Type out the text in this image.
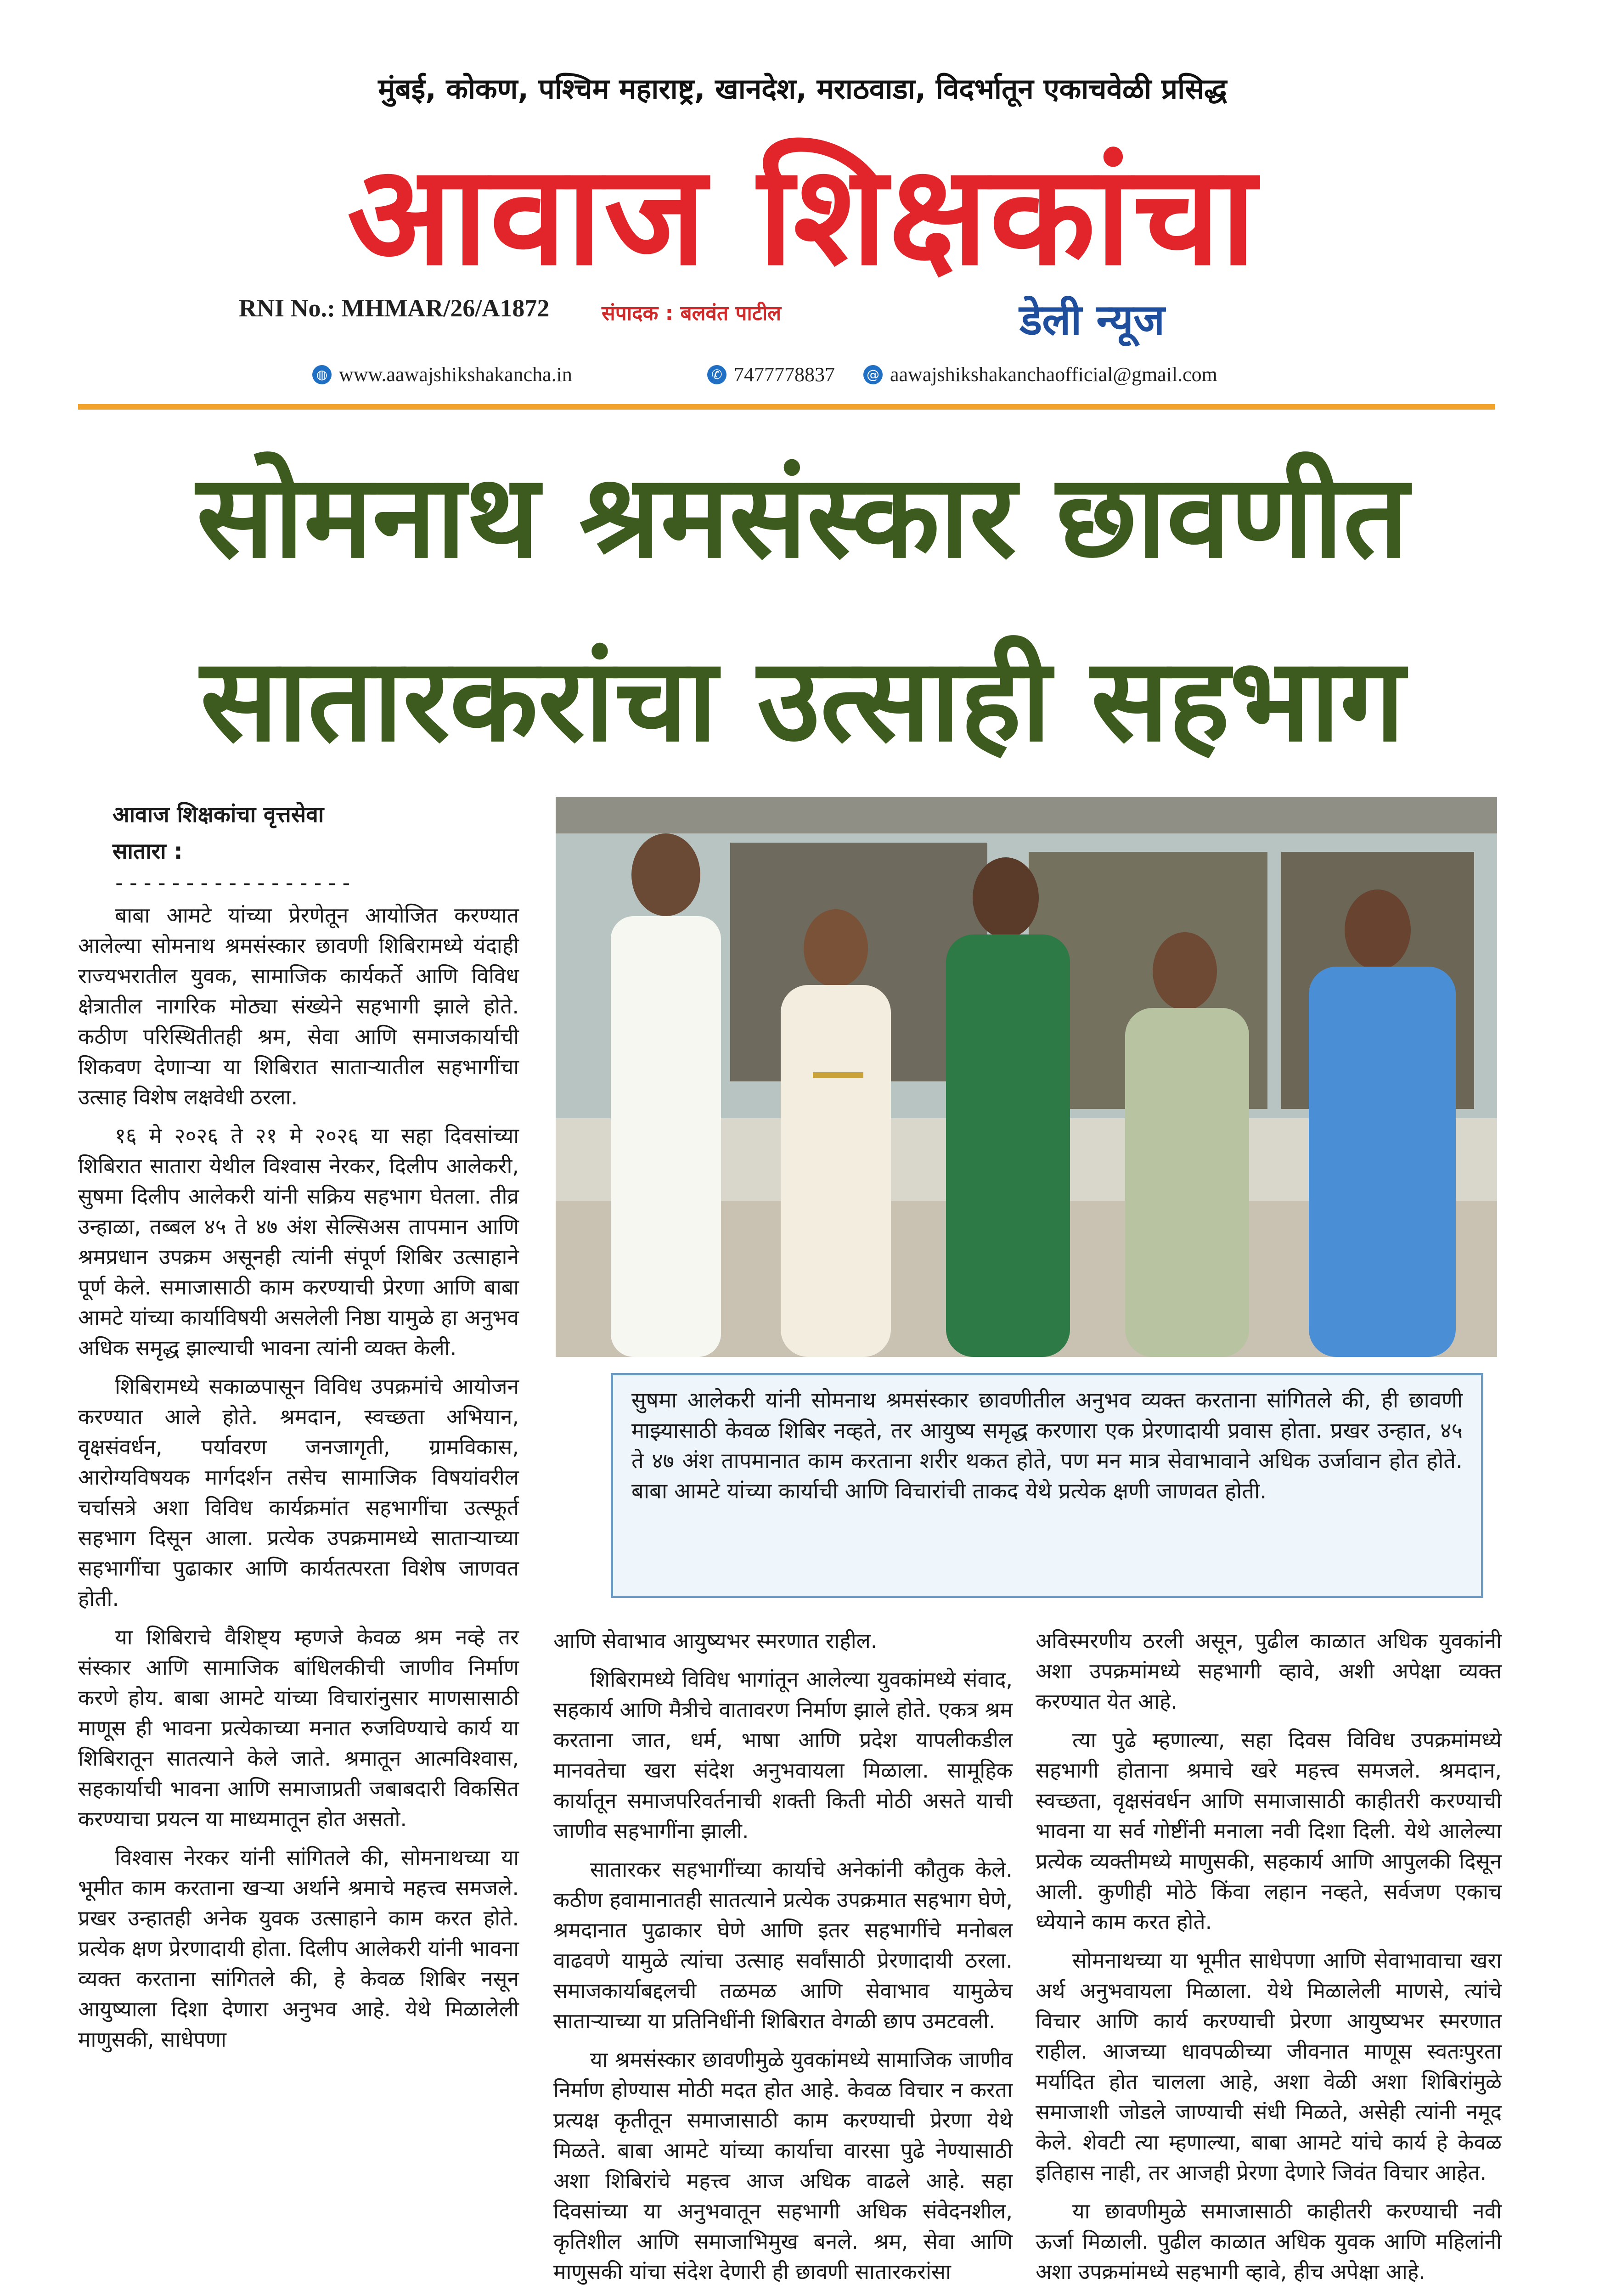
मुंबई, कोकण, पश्चिम महाराष्ट्र, खानदेश, मराठवाडा, विदर्भातून एकाचवेळी प्रसिद्ध
आवाज शिक्षकांचा
RNI No.: MHMAR/26/A1872	संपादक : बलवंत पाटील	डेली न्यूज
◍ www.aawajshikshakancha.in	✆ 7477778837 @ aawajshikshakanchaofficial@gmail.com
सोमनाथ श्रमसंस्कार छावणीत
सातारकरांचा उत्साही सहभाग
आवाज शिक्षकांचा वृत्तसेवा
सातारा :
-----------------
सुषमा आलेकरी यांनी सोमनाथ श्रमसंस्कार छावणीतील अनुभव व्यक्त करताना सांगितले की, ही छावणी माझ्यासाठी केवळ शिबिर नव्हते, तर आयुष्य समृद्ध करणारा एक प्रेरणादायी प्रवास होता. प्रखर उन्हात, ४५ ते ४७ अंश तापमानात काम करताना शरीर थकत होते, पण मन मात्र सेवाभावाने अधिक उर्जावान होत होते. बाबा आमटे यांच्या कार्याची आणि विचारांची ताकद येथे प्रत्येक क्षणी जाणवत होती.

बाबा आमटे यांच्या प्रेरणेतून आयोजित करण्यात आलेल्या सोमनाथ श्रमसंस्कार छावणी शिबिरामध्ये यंदाही राज्यभरातील युवक, सामाजिक कार्यकर्ते आणि विविध क्षेत्रातील नागरिक मोठ्या संख्येने सहभागी झाले होते. कठीण परिस्थितीतही श्रम, सेवा आणि समाजकार्याची शिकवण देणाऱ्या या शिबिरात साताऱ्यातील सहभागींचा उत्साह विशेष लक्षवेधी ठरला.

१६ मे २०२६ ते २१ मे २०२६ या सहा दिवसांच्या शिबिरात सातारा येथील विश्वास नेरकर, दिलीप आलेकरी, सुषमा दिलीप आलेकरी यांनी सक्रिय सहभाग घेतला. तीव्र उन्हाळा, तब्बल ४५ ते ४७ अंश सेल्सिअस तापमान आणि श्रमप्रधान उपक्रम असूनही त्यांनी संपूर्ण शिबिर उत्साहाने पूर्ण केले. समाजासाठी काम करण्याची प्रेरणा आणि बाबा आमटे यांच्या कार्याविषयी असलेली निष्ठा यामुळे हा अनुभव अधिक समृद्ध झाल्याची भावना त्यांनी व्यक्त केली.

शिबिरामध्ये सकाळपासून विविध उपक्रमांचे आयोजन करण्यात आले होते. श्रमदान, स्वच्छता अभियान, वृक्षसंवर्धन, पर्यावरण जनजागृती, ग्रामविकास, आरोग्यविषयक मार्गदर्शन तसेच सामाजिक विषयांवरील चर्चासत्रे अशा विविध कार्यक्रमांत सहभागींचा उत्स्फूर्त सहभाग दिसून आला. प्रत्येक उपक्रमामध्ये साताऱ्याच्या सहभागींचा पुढाकार आणि कार्यतत्परता विशेष जाणवत होती.

या शिबिराचे वैशिष्ट्य म्हणजे केवळ श्रम नव्हे तर संस्कार आणि सामाजिक बांधिलकीची जाणीव निर्माण करणे होय. बाबा आमटे यांच्या विचारांनुसार माणसासाठी माणूस ही भावना प्रत्येकाच्या मनात रुजविण्याचे कार्य या शिबिरातून सातत्याने केले जाते. श्रमातून आत्मविश्वास, सहकार्याची भावना आणि समाजाप्रती जबाबदारी विकसित करण्याचा प्रयत्न या माध्यमातून होत असतो.

विश्वास नेरकर यांनी सांगितले की, सोमनाथच्या या भूमीत काम करताना खऱ्या अर्थाने श्रमाचे महत्त्व समजले. प्रखर उन्हातही अनेक युवक उत्साहाने काम करत होते. प्रत्येक क्षण प्रेरणादायी होता. दिलीप आलेकरी यांनी भावना व्यक्त करताना सांगितले की, हे केवळ शिबिर नसून आयुष्याला दिशा देणारा अनुभव आहे. येथे मिळालेली माणुसकी, साधेपणा

आणि सेवाभाव आयुष्यभर स्मरणात राहील.

शिबिरामध्ये विविध भागांतून आलेल्या युवकांमध्ये संवाद, सहकार्य आणि मैत्रीचे वातावरण निर्माण झाले होते. एकत्र श्रम करताना जात, धर्म, भाषा आणि प्रदेश यापलीकडील मानवतेचा खरा संदेश अनुभवायला मिळाला. सामूहिक कार्यातून समाजपरिवर्तनाची शक्ती किती मोठी असते याची जाणीव सहभागींना झाली.

सातारकर सहभागींच्या कार्याचे अनेकांनी कौतुक केले. कठीण हवामानातही सातत्याने प्रत्येक उपक्रमात सहभाग घेणे, श्रमदानात पुढाकार घेणे आणि इतर सहभागींचे मनोबल वाढवणे यामुळे त्यांचा उत्साह सर्वांसाठी प्रेरणादायी ठरला. समाजकार्याबद्दलची तळमळ आणि सेवाभाव यामुळेच साताऱ्याच्या या प्रतिनिधींनी शिबिरात वेगळी छाप उमटवली.

या श्रमसंस्कार छावणीमुळे युवकांमध्ये सामाजिक जाणीव निर्माण होण्यास मोठी मदत होत आहे. केवळ विचार न करता प्रत्यक्ष कृतीतून समाजासाठी काम करण्याची प्रेरणा येथे मिळते. बाबा आमटे यांच्या कार्याचा वारसा पुढे नेण्यासाठी अशा शिबिरांचे महत्त्व आज अधिक वाढले आहे. सहा दिवसांच्या या अनुभवातून सहभागी अधिक संवेदनशील, कृतिशील आणि समाजाभिमुख बनले. श्रम, सेवा आणि माणुसकी यांचा संदेश देणारी ही छावणी सातारकरांसा

अविस्मरणीय ठरली असून, पुढील काळात अधिक युवकांनी अशा उपक्रमांमध्ये सहभागी व्हावे, अशी अपेक्षा व्यक्त करण्यात येत आहे.

त्या पुढे म्हणाल्या, सहा दिवस विविध उपक्रमांमध्ये सहभागी होताना श्रमाचे खरे महत्त्व समजले. श्रमदान, स्वच्छता, वृक्षसंवर्धन आणि समाजासाठी काहीतरी करण्याची भावना या सर्व गोष्टींनी मनाला नवी दिशा दिली. येथे आलेल्या प्रत्येक व्यक्तीमध्ये माणुसकी, सहकार्य आणि आपुलकी दिसून आली. कुणीही मोठे किंवा लहान नव्हते, सर्वजण एकाच ध्येयाने काम करत होते.

सोमनाथच्या या भूमीत साधेपणा आणि सेवाभावाचा खरा अर्थ अनुभवायला मिळाला. येथे मिळालेली माणसे, त्यांचे विचार आणि कार्य करण्याची प्रेरणा आयुष्यभर स्मरणात राहील. आजच्या धावपळीच्या जीवनात माणूस स्वतःपुरता मर्यादित होत चालला आहे, अशा वेळी अशा शिबिरांमुळे समाजाशी जोडले जाण्याची संधी मिळते, असेही त्यांनी नमूद केले. शेवटी त्या म्हणाल्या, बाबा आमटे यांचे कार्य हे केवळ इतिहास नाही, तर आजही प्रेरणा देणारे जिवंत विचार आहेत.

या छावणीमुळे समाजासाठी काहीतरी करण्याची नवी ऊर्जा मिळाली. पुढील काळात अधिक युवक आणि महिलांनी अशा उपक्रमांमध्ये सहभागी व्हावे, हीच अपेक्षा आहे.
